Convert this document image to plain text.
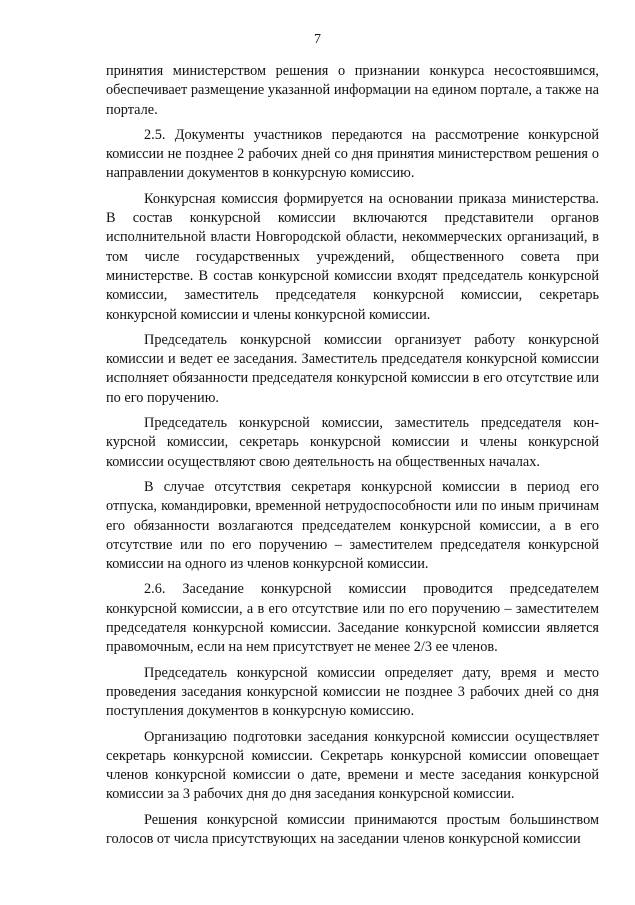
7

принятия министерством решения о признании конкурса несостоявшимся, обеспечивает размещение указанной информации на едином портале, а также на портале.

2.5. Документы участников передаются на рассмотрение конкурсной комиссии не позднее 2 рабочих дней со дня принятия министерством решения о направлении документов в конкурсную комиссию.

Конкурсная комиссия формируется на основании приказа министерства. В состав конкурсной комиссии включаются представители органов исполнительной власти Новгородской области, некоммерческих организаций, в том числе государственных учреждений, общественного совета при министерстве. В состав конкурсной комиссии входят председатель конкурсной комиссии, заместитель председателя конкурсной комиссии, секретарь конкурсной комиссии и члены конкурсной комиссии.

Председатель конкурсной комиссии организует работу конкурсной комиссии и ведет ее заседания. Заместитель председателя конкурсной комиссии исполняет обязанности председателя конкурсной комиссии в его отсутствие или по его поручению.

Председатель конкурсной комиссии, заместитель председателя конкурсной комиссии, секретарь конкурсной комиссии и члены конкурсной комиссии осуществляют свою деятельность на общественных началах.

В случае отсутствия секретаря конкурсной комиссии в период его отпуска, командировки, временной нетрудоспособности или по иным причинам его обязанности возлагаются председателем конкурсной комиссии, а в его отсутствие или по его поручению – заместителем председателя конкурсной комиссии на одного из членов конкурсной комиссии.

2.6. Заседание конкурсной комиссии проводится председателем конкурсной комиссии, а в его отсутствие или по его поручению – заместителем председателя конкурсной комиссии. Заседание конкурсной комиссии является правомочным, если на нем присутствует не менее 2/3 ее членов.

Председатель конкурсной комиссии определяет дату, время и место проведения заседания конкурсной комиссии не позднее 3 рабочих дней со дня поступления документов в конкурсную комиссию.

Организацию подготовки заседания конкурсной комиссии осуществляет секретарь конкурсной комиссии. Секретарь конкурсной комиссии оповещает членов конкурсной комиссии о дате, времени и месте заседания конкурсной комиссии за 3 рабочих дня до дня заседания конкурсной комиссии.

Решения конкурсной комиссии принимаются простым большинством голосов от числа присутствующих на заседании членов конкурсной комиссии
